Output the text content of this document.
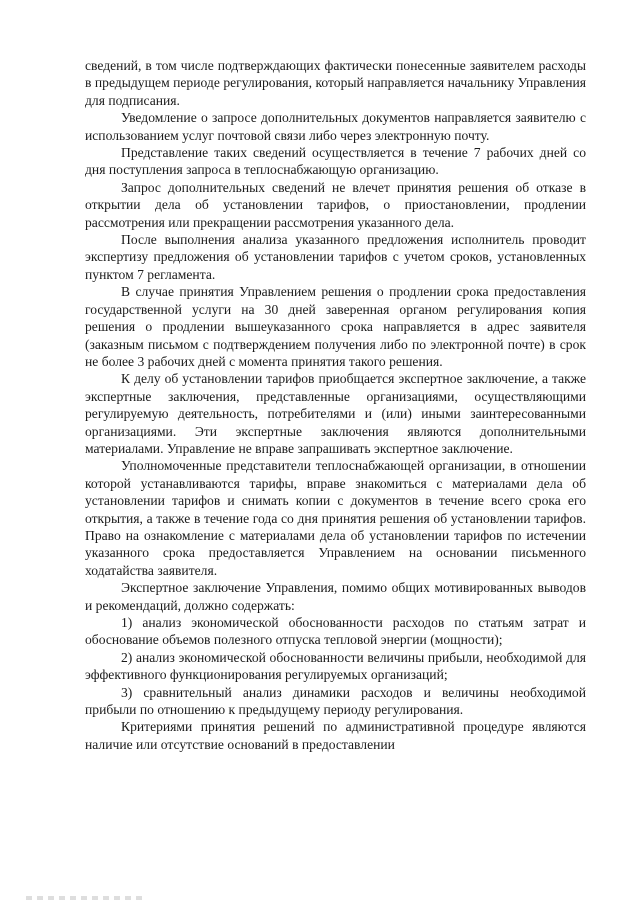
сведений, в том числе подтверждающих фактически понесенные заявителем расходы в предыдущем периоде регулирования, который направляется начальнику Управления для подписания.

Уведомление о запросе дополнительных документов направляется заявителю с использованием услуг почтовой связи либо через электронную почту.

Представление таких сведений осуществляется в течение 7 рабочих дней со дня поступления запроса в теплоснабжающую организацию.

Запрос дополнительных сведений не влечет принятия решения об отказе в открытии дела об установлении тарифов, о приостановлении, продлении рассмотрения или прекращении рассмотрения указанного дела.

После выполнения анализа указанного предложения исполнитель проводит экспертизу предложения об установлении тарифов с учетом сроков, установленных пунктом 7 регламента.

В случае принятия Управлением решения о продлении срока предоставления государственной услуги на 30 дней заверенная органом регулирования копия решения о продлении вышеуказанного срока направляется в адрес заявителя (заказным письмом с подтверждением получения либо по электронной почте) в срок не более 3 рабочих дней с момента принятия такого решения.

К делу об установлении тарифов приобщается экспертное заключение, а также экспертные заключения, представленные организациями, осуществляющими регулируемую деятельность, потребителями и (или) иными заинтересованными организациями. Эти экспертные заключения являются дополнительными материалами. Управление не вправе запрашивать экспертное заключение.

Уполномоченные представители теплоснабжающей организации, в отношении которой устанавливаются тарифы, вправе знакомиться с материалами дела об установлении тарифов и снимать копии с документов в течение всего срока его открытия, а также в течение года со дня принятия решения об установлении тарифов. Право на ознакомление с материалами дела об установлении тарифов по истечении указанного срока предоставляется Управлением на основании письменного ходатайства заявителя.

Экспертное заключение Управления, помимо общих мотивированных выводов и рекомендаций, должно содержать:

1) анализ экономической обоснованности расходов по статьям затрат и обоснование объемов полезного отпуска тепловой энергии (мощности);

2) анализ экономической обоснованности величины прибыли, необходимой для эффективного функционирования регулируемых организаций;

3) сравнительный анализ динамики расходов и величины необходимой прибыли по отношению к предыдущему периоду регулирования.

Критериями принятия решений по административной процедуре являются наличие или отсутствие оснований в предоставлении
